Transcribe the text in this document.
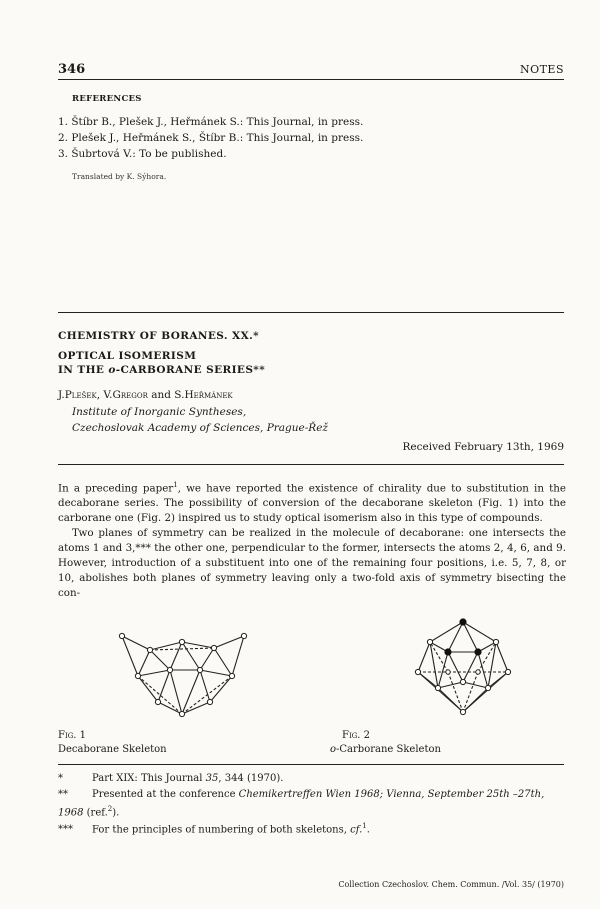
346	NOTES
REFERENCES
1. Štíbr B., Plešek J., Heřmánek S.: This Journal, in press.
2. Plešek J., Heřmánek S., Štíbr B.: This Journal, in press.
3. Šubrtová V.: To be published.
Translated by K. Sýhora.
CHEMISTRY OF BORANES. XX.*
OPTICAL ISOMERISM
IN THE o-CARBORANE SERIES**
J.Plešek, V.Gregor and S.Heřmánek
Institute of Inorganic Syntheses,
Czechoslovak Academy of Sciences, Prague-Řež
Received February 13th, 1969

In a preceding paper$^1$, we have reported the existence of chirality due to substitution in the decaborane series. The possibility of conversion of the decaborane skeleton (Fig. 1) into the carborane one (Fig. 2) inspired us to study optical isomerism also in this type of compounds.

Two planes of symmetry can be realized in the molecule of decaborane: one intersects the atoms 1 and 3,*** the other one, perpendicular to the former, intersects the atoms 2, 4, 6, and 9. However, introduction of a substituent into one of the remaining four positions, i.e. 5, 7, 8, or 10, abolishes both planes of symmetry leaving only a two-fold axis of symmetry bisecting the con-

Fig. 1
Decaborane Skeleton
Fig. 2
o-Carborane Skeleton
*	Part XIX: This Journal 35, 344 (1970).
** Presented at the conference Chemikertreffen Wien 1968; Vienna, September 25th –27th, 1968 (ref.$^2$).
*** For the principles of numbering of both skeletons, cf.$^1$.
Collection Czechoslov. Chem. Commun. /Vol. 35/ (1970)
